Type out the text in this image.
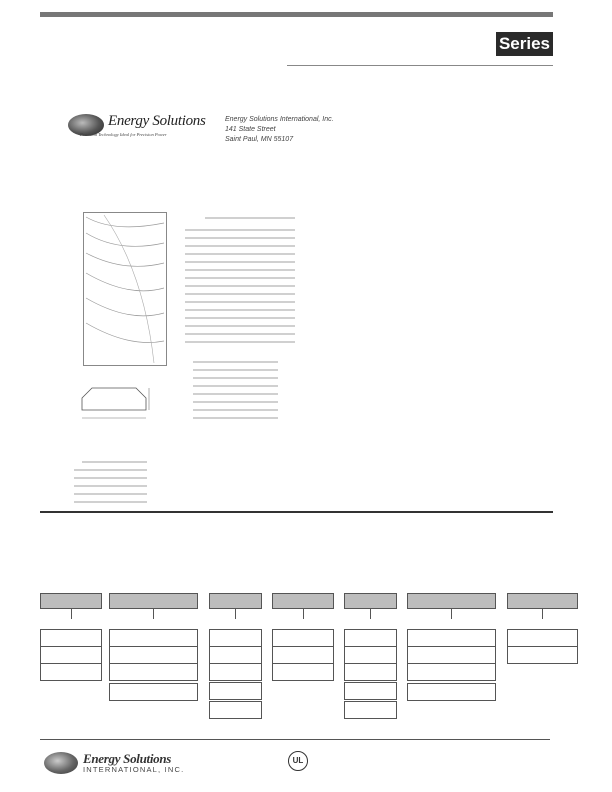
Series
Energy Solutions
Precision Technology Ideal for Precision Power
Energy Solutions International, Inc.
141 State Street
Saint Paul, MN 55107
Energy Solutions
INTERNATIONAL, INC.
UL
